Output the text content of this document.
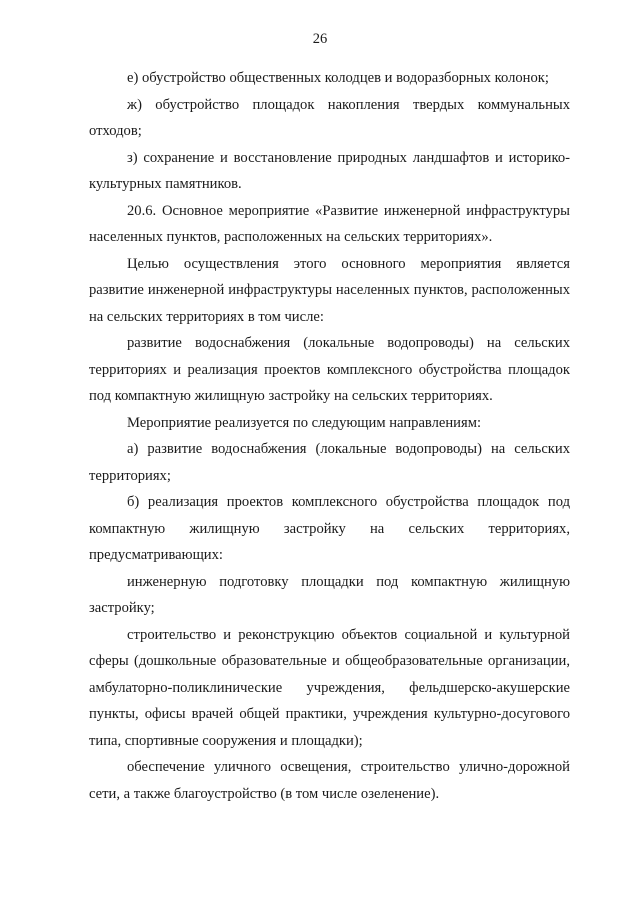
26

е) обустройство общественных колодцев и водоразборных колонок;

ж) обустройство площадок накопления твердых коммунальных отходов;

з) сохранение и восстановление природных ландшафтов и историко-культурных памятников.

20.6. Основное мероприятие «Развитие инженерной инфраструктуры населенных пунктов, расположенных на сельских территориях».

Целью осуществления этого основного мероприятия является развитие инженерной инфраструктуры населенных пунктов, расположенных на сельских территориях в том числе:

развитие водоснабжения (локальные водопроводы) на сельских территориях и реализация проектов комплексного обустройства площадок под компактную жилищную застройку на сельских территориях.

Мероприятие реализуется по следующим направлениям:

а) развитие водоснабжения (локальные водопроводы) на сельских территориях;

б) реализация проектов комплексного обустройства площадок под компактную жилищную застройку на сельских территориях, предусматривающих:

инженерную подготовку площадки под компактную жилищную застройку;

строительство и реконструкцию объектов социальной и культурной сферы (дошкольные образовательные и общеобразовательные организации, амбулаторно-поликлинические учреждения, фельдшерско-акушерские пункты, офисы врачей общей практики, учреждения культурно-досугового типа, спортивные сооружения и площадки);

обеспечение уличного освещения, строительство улично-дорожной сети, а также благоустройство (в том числе озеленение).
